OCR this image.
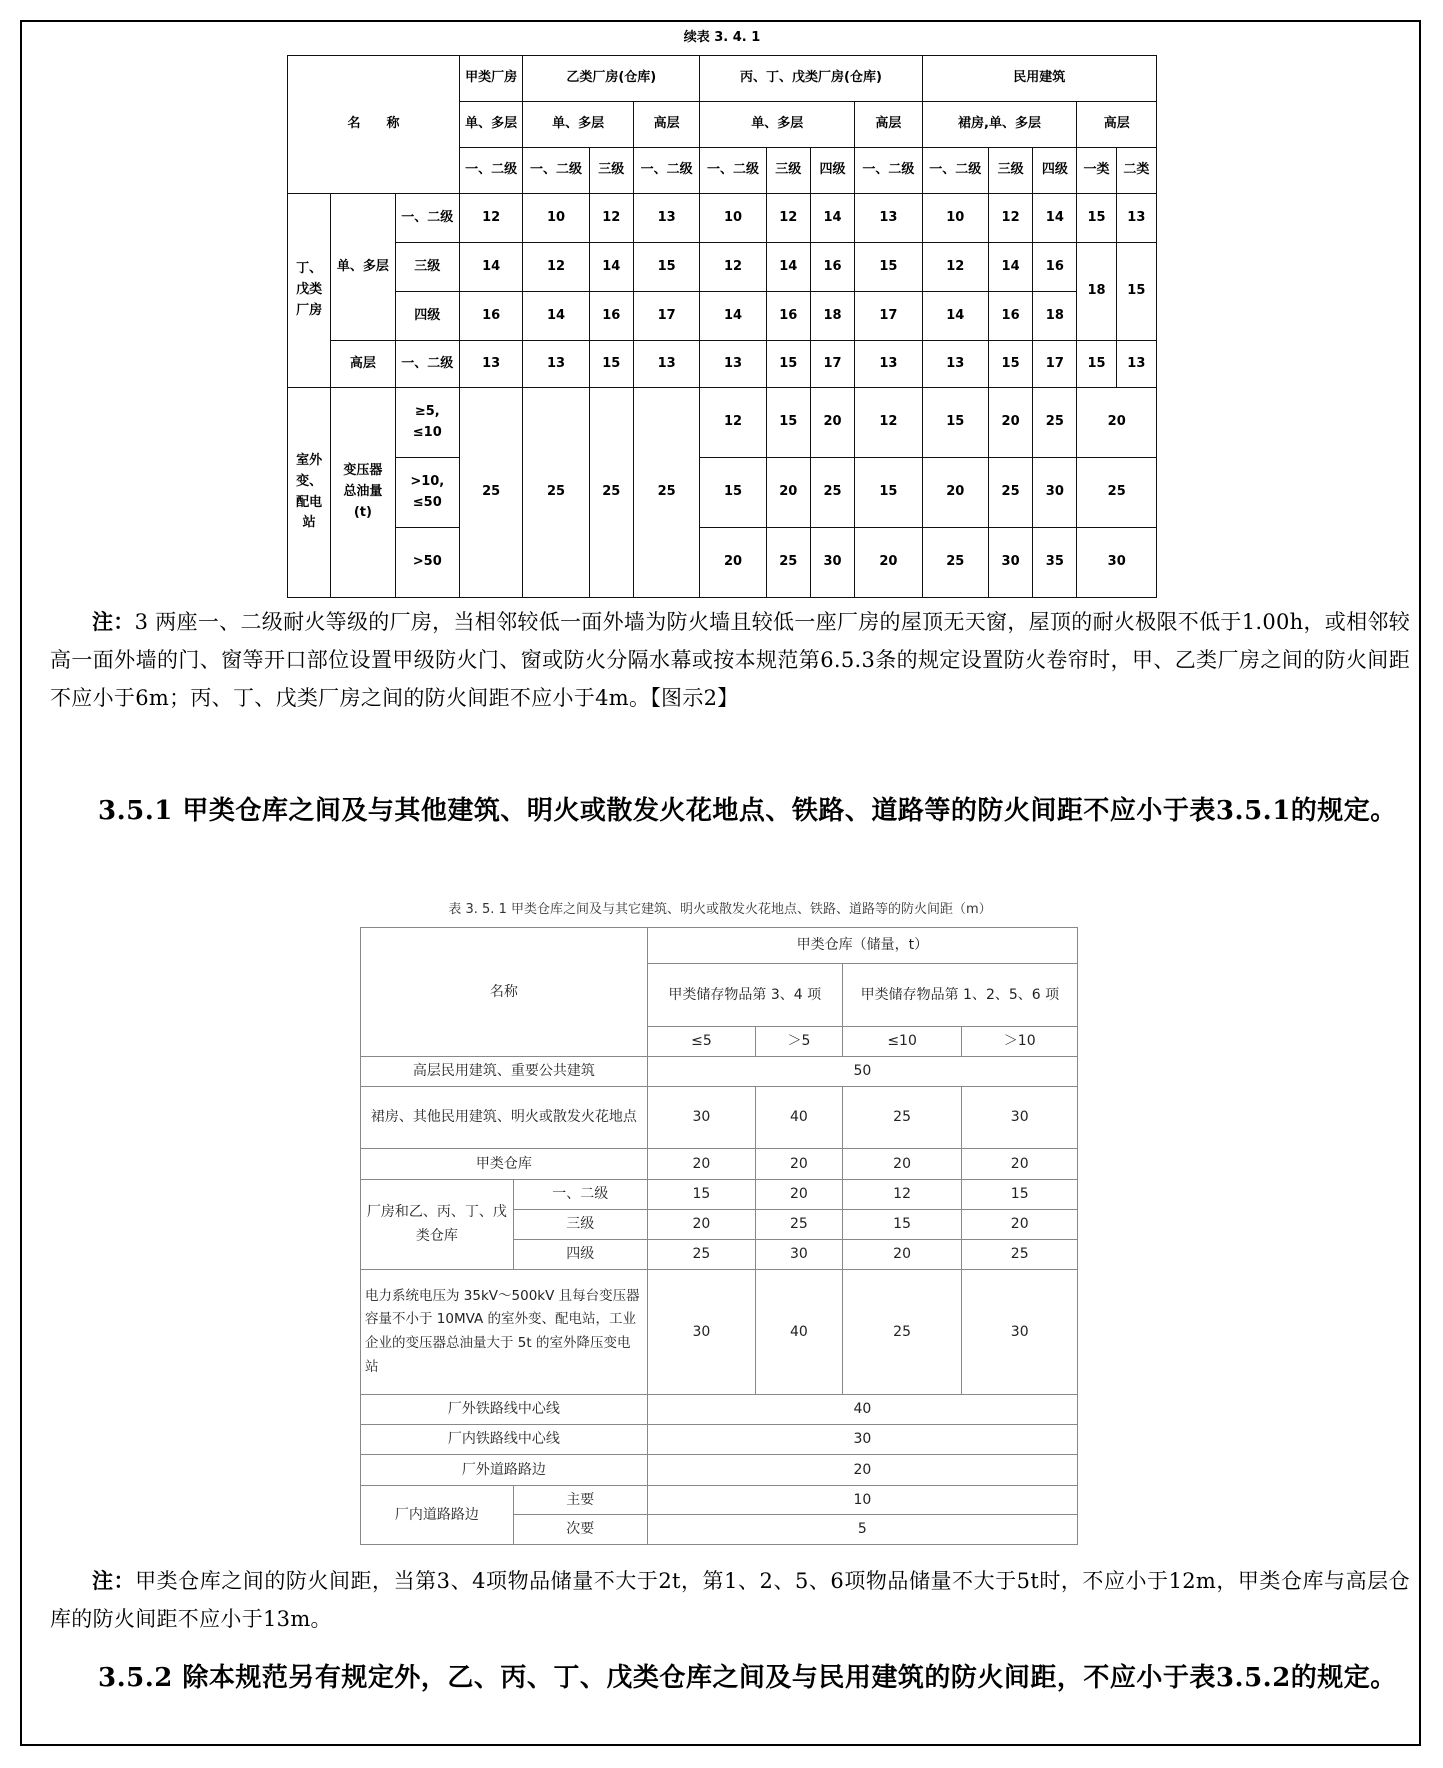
续表 3. 4. 1
名　　称			甲类厂房	乙类厂房(仓库)			丙、丁、戊类厂房(仓库)				民用建筑				
			单、多层	单、多层		高层	单、多层			高层	裙房,单、多层			高层	
			一、二级	一、二级	三级	一、二级	一、二级	三级	四级	一、二级	一、二级	三级	四级	一类	二类
丁、戊类厂房	单、多层	一、二级	12	10	12	13	10	12	14	13	10	12	14	15	13
		三级	14	12	14	15	12	14	16	15	12	14	16	18	15
		四级	16	14	16	17	14	16	18	17	14	16	18		
	高层	一、二级	13	13	15	13	13	15	17	13	13	15	17	15	13
室外变、配电站	变压器总油量(t)	≥5, ≤10	25	25	25	25	12	15	20	12	15	20	25	20	
		>10, ≤50					15	20	25	15	20	25	30	25	
		>50					20	25	30	20	25	30	35	30	
注：3 两座一、二级耐火等级的厂房，当相邻较低一面外墙为防火墙且较低一座厂房的屋顶无天窗，屋顶的耐火极限不低于1.00h，或相邻较高一面外墙的门、窗等开口部位设置甲级防火门、窗或防火分隔水幕或按本规范第6.5.3条的规定设置防火卷帘时，甲、乙类厂房之间的防火间距不应小于6m；丙、丁、戊类厂房之间的防火间距不应小于4m。【图示2】
3.5.1 甲类仓库之间及与其他建筑、明火或散发火花地点、铁路、道路等的防火间距不应小于表3.5.1的规定。
表 3. 5. 1 甲类仓库之间及与其它建筑、明火或散发火花地点、铁路、道路等的防火间距（m）
名称		甲类仓库（储量，t）			
		甲类储存物品第 3、4 项		甲类储存物品第 1、2、5、6 项	
		≤5	＞5	≤10	＞10
高层民用建筑、重要公共建筑		50			
裙房、其他民用建筑、明火或散发火花地点		30	40	25	30
甲类仓库		20	20	20	20
厂房和乙、丙、丁、戊类仓库	一、二级	15	20	12	15
	三级	20	25	15	20
	四级	25	30	20	25
电力系统电压为 35kV～500kV 且每台变压器容量不小于 10MVA 的室外变、配电站，工业企业的变压器总油量大于 5t 的室外降压变电站		30	40	25	30
厂外铁路线中心线		40			
厂内铁路线中心线		30			
厂外道路路边		20			
厂内道路路边	主要	10			
	次要	5			
注：甲类仓库之间的防火间距，当第3、4项物品储量不大于2t，第1、2、5、6项物品储量不大于5t时，不应小于12m，甲类仓库与高层仓库的防火间距不应小于13m。
3.5.2 除本规范另有规定外，乙、丙、丁、戊类仓库之间及与民用建筑的防火间距，不应小于表3.5.2的规定。
